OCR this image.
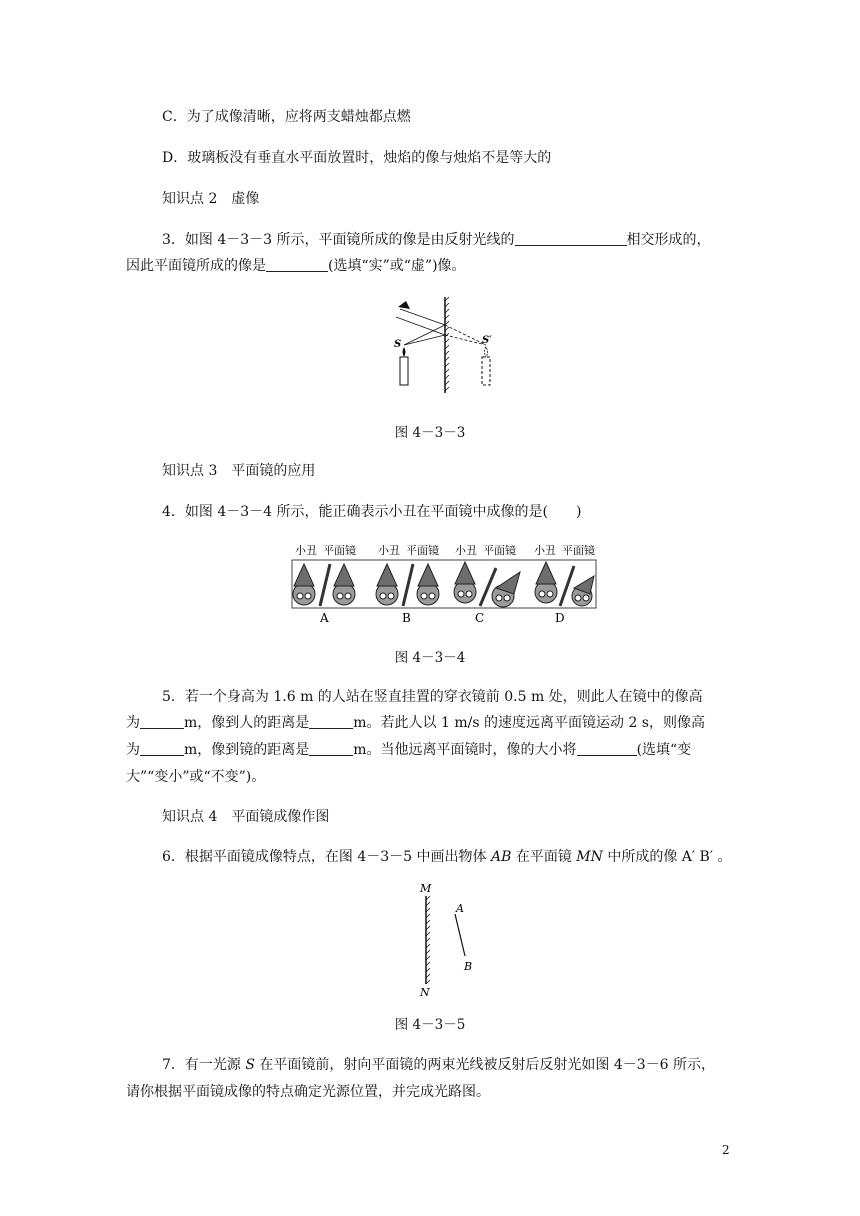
C．为了成像清晰，应将两支蜡烛都点燃
D．玻璃板没有垂直水平面放置时，烛焰的像与烛焰不是等大的
知识点 2　虚像
3．如图 4－3－3 所示，平面镜所成的像是由反射光线的	相交形成的，
因此平面镜所成的像是	(选填“实”或“虚”)像。
S	S′
图 4－3－3
知识点 3　平面镜的应用
4．如图 4－3－4 所示，能正确表示小丑在平面镜中成像的是(　　)
小丑 平面镜 小丑 平面镜 小丑 平面镜 小丑 平面镜
A	B	C	D
图 4－3－4
5．若一个身高为 1.6 m 的人站在竖直挂置的穿衣镜前 0.5 m 处，则此人在镜中的像高
为	m，像到人的距离是	m。若此人以 1 m/s 的速度远离平面镜运动 2 s，则像高
为	m，像到镜的距离是	m。当他远离平面镜时，像的大小将	(选填“变
大”“变小”或“不变”)。
知识点 4　平面镜成像作图
6．根据平面镜成像特点，在图 4－3－5 中画出物体 AB 在平面镜 MN 中所成的像 A′ B′ 。
M
N
A
B
图 4－3－5
7．有一光源 S 在平面镜前，射向平面镜的两束光线被反射后反射光如图 4－3－6 所示，
请你根据平面镜成像的特点确定光源位置，并完成光路图。
2
